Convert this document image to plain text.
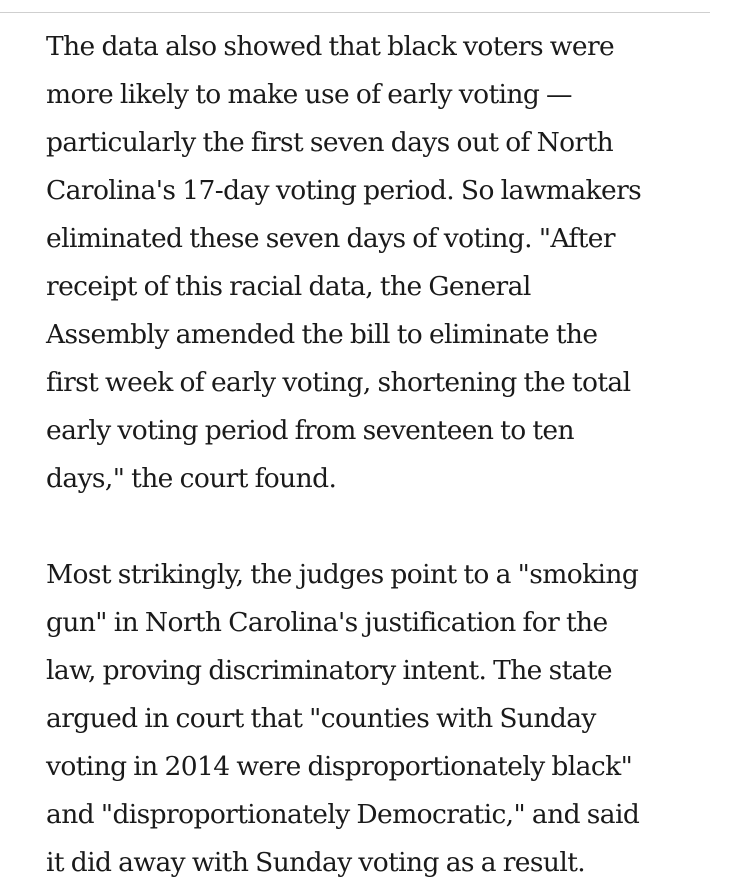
The data also showed that black voters were
more likely to make use of early voting —
particularly the first seven days out of North
Carolina's 17-day voting period. So lawmakers
eliminated these seven days of voting. "After
receipt of this racial data, the General
Assembly amended the bill to eliminate the
first week of early voting, shortening the total
early voting period from seventeen to ten
days," the court found.

Most strikingly, the judges point to a "smoking
gun" in North Carolina's justification for the
law, proving discriminatory intent. The state
argued in court that "counties with Sunday
voting in 2014 were disproportionately black"
and "disproportionately Democratic," and said
it did away with Sunday voting as a result.
